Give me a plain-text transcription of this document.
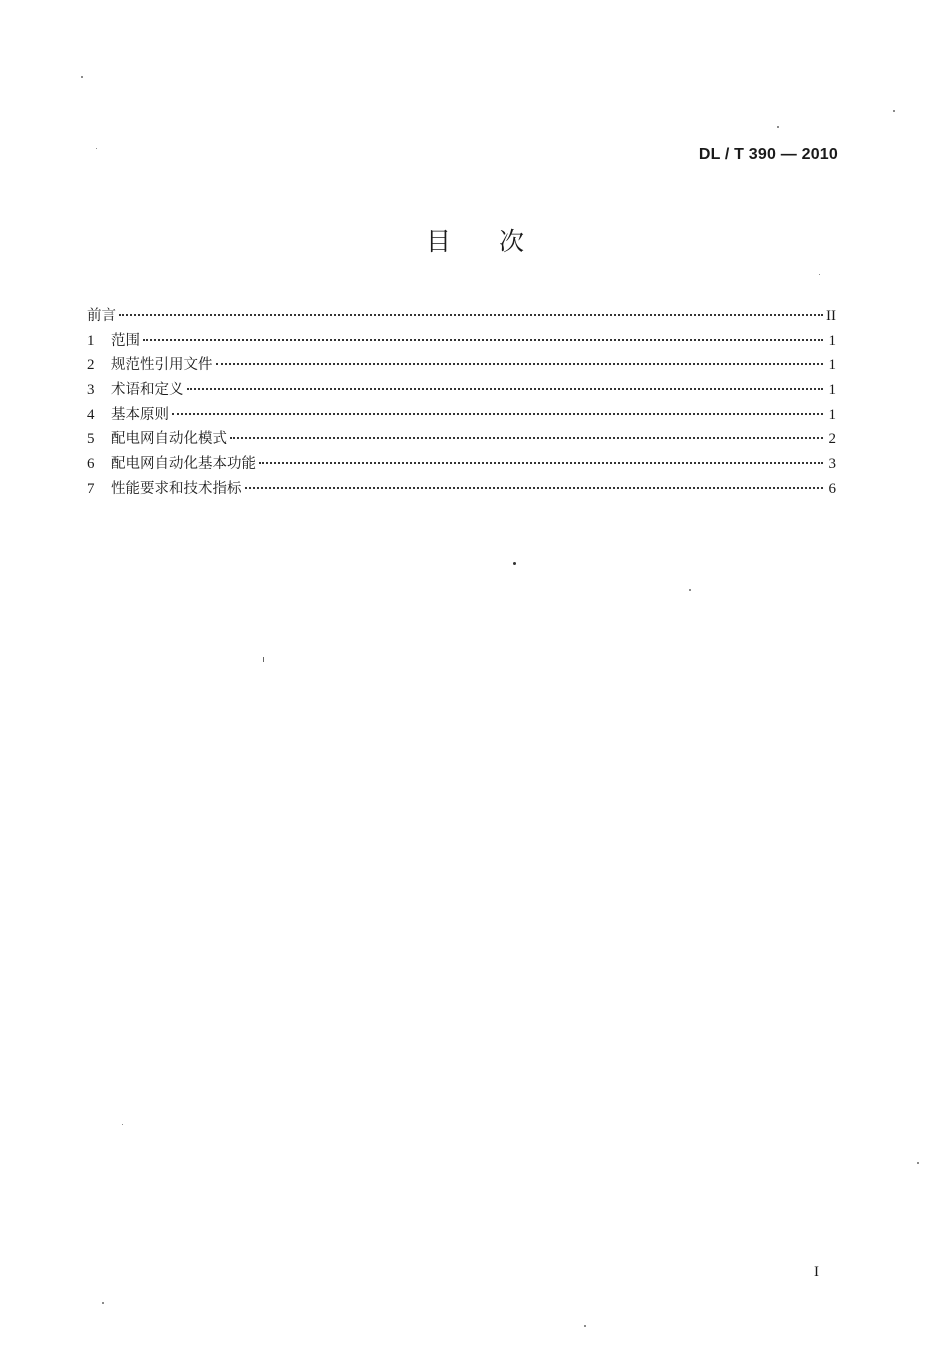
DL / T 390 — 2010
目次
前言	II
1	范围	1
2	规范性引用文件	1
3	术语和定义	1
4	基本原则	1
5	配电网自动化模式	2
6	配电网自动化基本功能	3
7	性能要求和技术指标	6
I
